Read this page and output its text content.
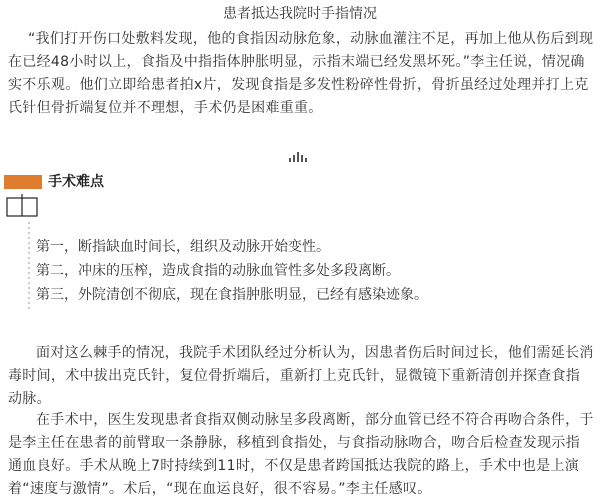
患者抵达我院时手指情况

“我们打开伤口处敷料发现，他的食指因动脉危象，动脉血灌注不足，再加上他从伤后到现在已经48小时以上，食指及中指指体肿胀明显，示指末端已经发黑坏死。”李主任说，情况确实不乐观。他们立即给患者拍x片，发现食指是多发性粉碎性骨折，骨折虽经过处理并打上克氏针但骨折端复位并不理想，手术仍是困难重重。

手术难点
第一，断指缺血时间长，组织及动脉开始变性。
第二，冲床的压榨，造成食指的动脉血管性多处多段离断。
第三，外院清创不彻底，现在食指肿胀明显，已经有感染迹象。

面对这么棘手的情况，我院手术团队经过分析认为，因患者伤后时间过长，他们需延长消毒时间，术中拔出克氏针，复位骨折端后，重新打上克氏针，显微镜下重新清创并探查食指动脉。

在手术中，医生发现患者食指双侧动脉呈多段离断，部分血管已经不符合再吻合条件，于是李主任在患者的前臂取一条静脉，移植到食指处，与食指动脉吻合，吻合后检查发现示指通血良好。手术从晚上7时持续到11时，不仅是患者跨国抵达我院的路上，手术中也是上演着“速度与激情”。术后，“现在血运良好，很不容易。”李主任感叹。
